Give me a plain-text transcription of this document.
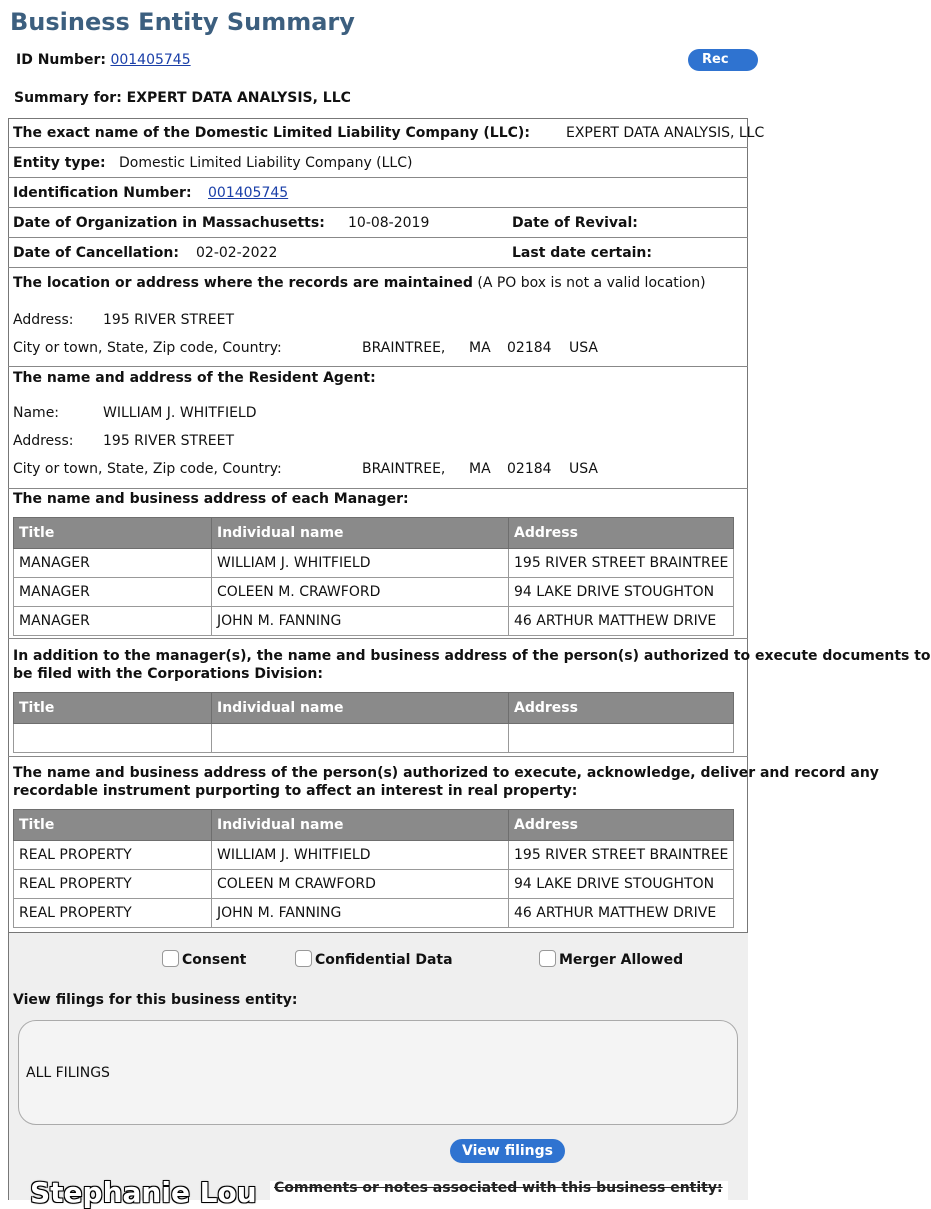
Business Entity Summary
ID Number: 001405745	Rec
Summary for: EXPERT DATA ANALYSIS, LLC
The exact name of the Domestic Limited Liability Company (LLC):	EXPERT DATA ANALYSIS, LLC
Entity type: Domestic Limited Liability Company (LLC)
Identification Number: 001405745
Date of Organization in Massachusetts: 10-08-2019	Date of Revival:
Date of Cancellation: 02-02-2022	Last date certain:
The location or address where the records are maintained (A PO box is not a valid location)
Address: 195 RIVER STREET
City or town, State, Zip code, Country:	BRAINTREE, MA 02184 USA
The name and address of the Resident Agent:
Name:	WILLIAM J. WHITFIELD
Address: 195 RIVER STREET
City or town, State, Zip code, Country:	BRAINTREE, MA 02184 USA
The name and business address of each Manager:
Title	Individual name	Address
MANAGER	WILLIAM J. WHITFIELD	195 RIVER STREET BRAINTREE
MANAGER	COLEEN M. CRAWFORD	94 LAKE DRIVE STOUGHTON
MANAGER	JOHN M. FANNING	46 ARTHUR MATTHEW DRIVE
In addition to the manager(s), the name and business address of the person(s) authorized to execute documents to
be filed with the Corporations Division:
Title	Individual name	Address

The name and business address of the person(s) authorized to execute, acknowledge, deliver and record any
recordable instrument purporting to affect an interest in real property:
Title	Individual name	Address
REAL PROPERTY	WILLIAM J. WHITFIELD	195 RIVER STREET BRAINTREE
REAL PROPERTY	COLEEN M CRAWFORD	94 LAKE DRIVE STOUGHTON
REAL PROPERTY	JOHN M. FANNING	46 ARTHUR MATTHEW DRIVE
Consent	Confidential Data	Merger Allowed
View filings for this business entity:
ALL FILINGS
View filings
Comments or notes associated with this business entity:
Stephanie Lou
